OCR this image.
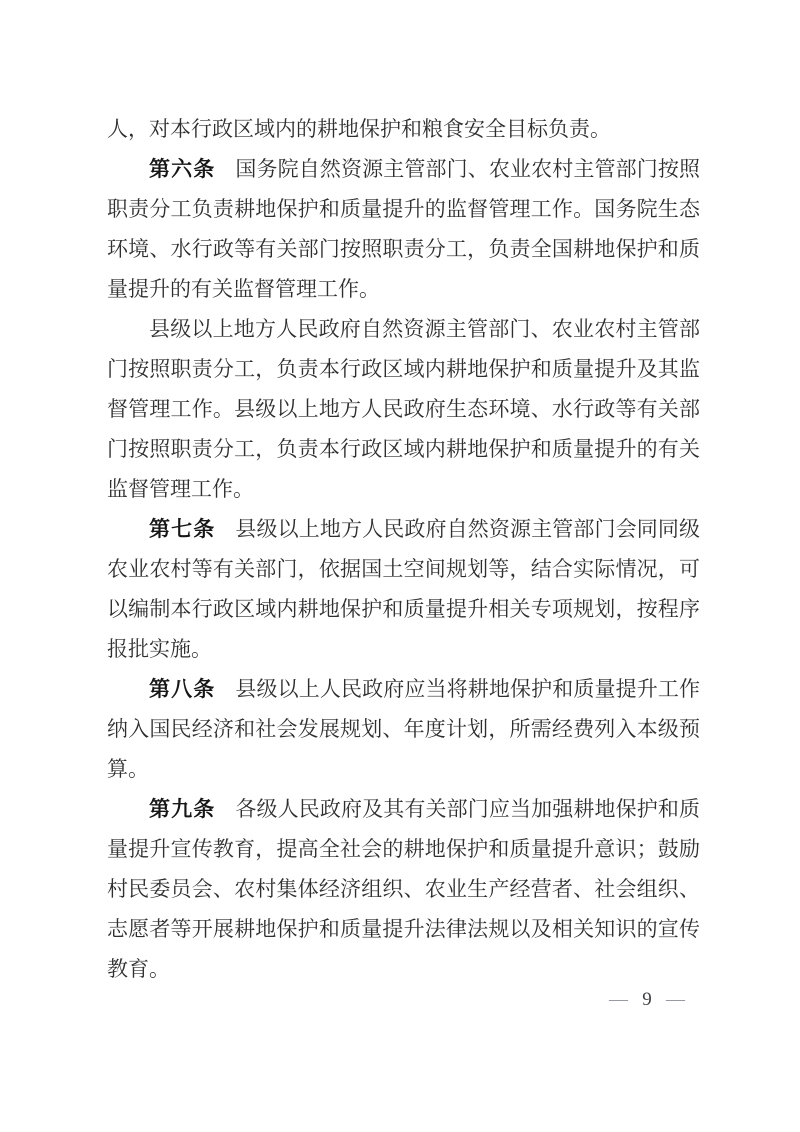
人，对本行政区域内的耕地保护和粮食安全目标负责。
第六条 国务院自然资源主管部门、农业农村主管部门按照
职责分工负责耕地保护和质量提升的监督管理工作。国务院生态
环境、水行政等有关部门按照职责分工，负责全国耕地保护和质
量提升的有关监督管理工作。
县级以上地方人民政府自然资源主管部门、农业农村主管部
门按照职责分工，负责本行政区域内耕地保护和质量提升及其监
督管理工作。县级以上地方人民政府生态环境、水行政等有关部
门按照职责分工，负责本行政区域内耕地保护和质量提升的有关
监督管理工作。
第七条 县级以上地方人民政府自然资源主管部门会同同级
农业农村等有关部门，依据国土空间规划等，结合实际情况，可
以编制本行政区域内耕地保护和质量提升相关专项规划，按程序
报批实施。
第八条 县级以上人民政府应当将耕地保护和质量提升工作
纳入国民经济和社会发展规划、年度计划，所需经费列入本级预
算。
第九条 各级人民政府及其有关部门应当加强耕地保护和质
量提升宣传教育，提高全社会的耕地保护和质量提升意识；鼓励
村民委员会、农村集体经济组织、农业生产经营者、社会组织、
志愿者等开展耕地保护和质量提升法律法规以及相关知识的宣传
教育。
— 9 —
